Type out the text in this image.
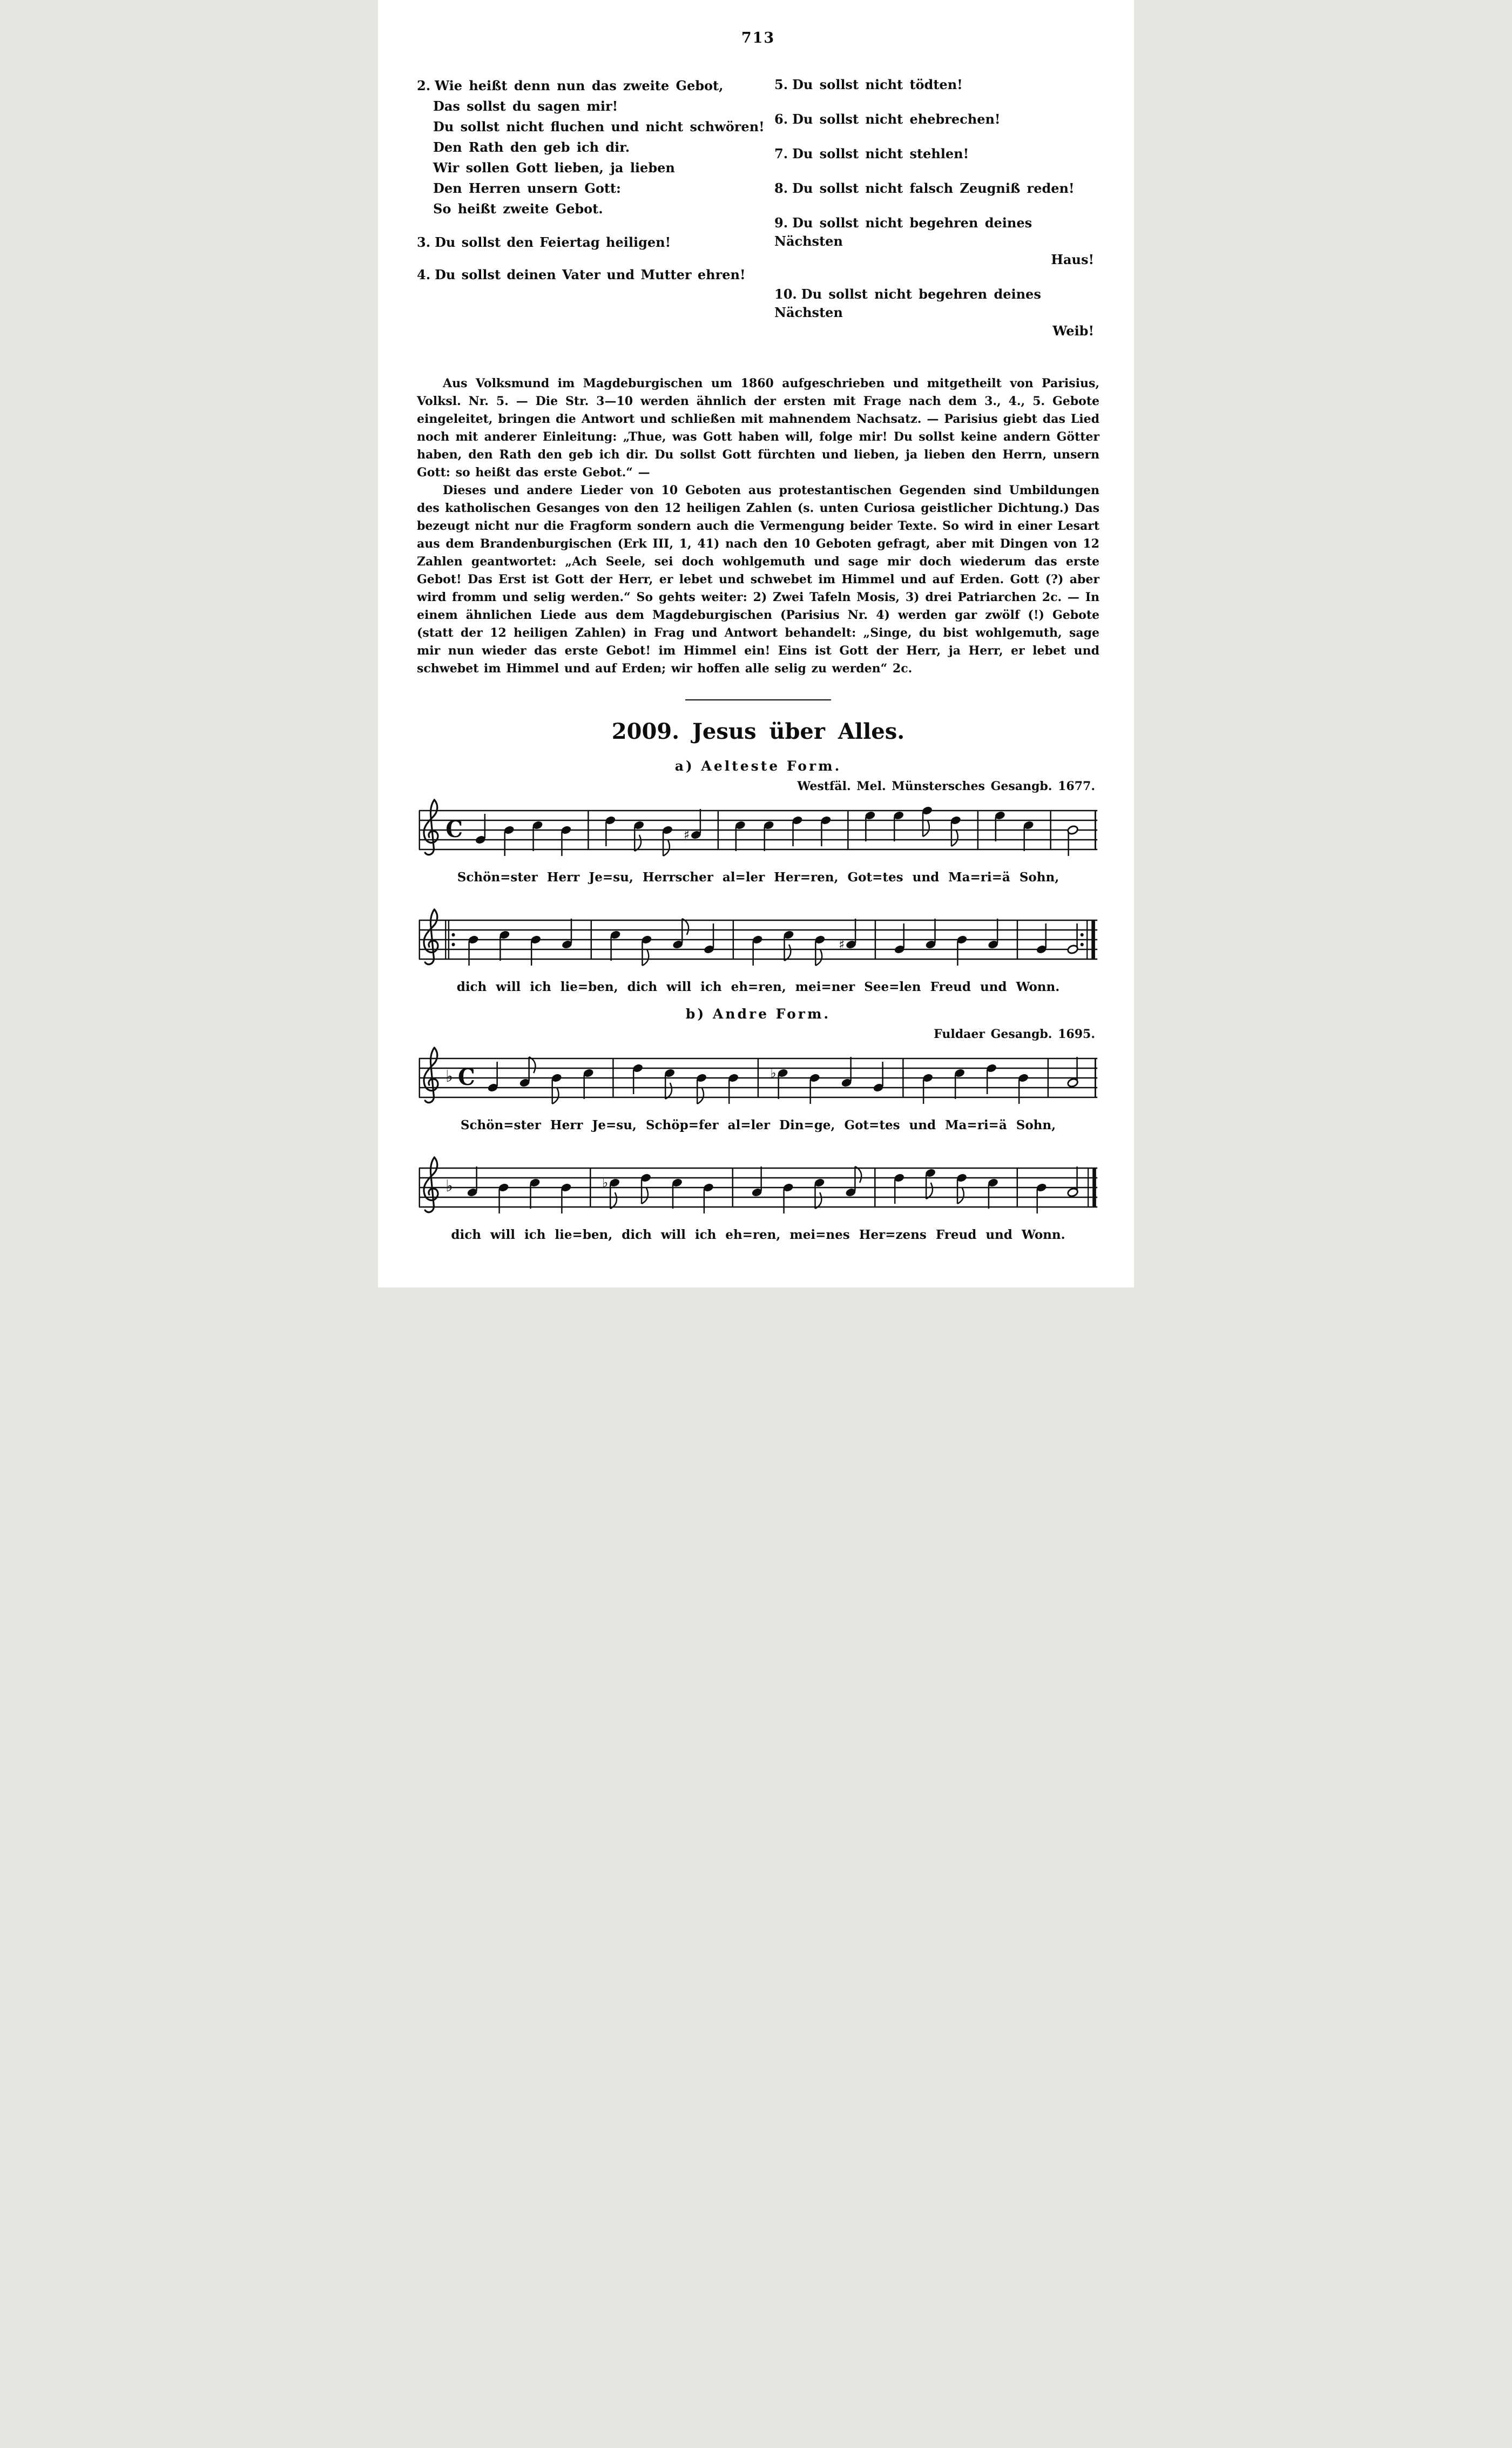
713
2. Wie heißt denn nun das zweite Gebot,
Das sollst du sagen mir!
Du sollst nicht fluchen und nicht schwören!
Den Rath den geb ich dir.
Wir sollen Gott lieben, ja lieben
Den Herren unsern Gott:
So heißt zweite Gebot.
3. Du sollst den Feiertag heiligen!
4. Du sollst deinen Vater und Mutter ehren!
5. Du sollst nicht tödten!
6. Du sollst nicht ehebrechen!
7. Du sollst nicht stehlen!
8. Du sollst nicht falsch Zeugniß reden!
9. Du sollst nicht begehren deines Nächsten
Haus!
10. Du sollst nicht begehren deines Nächsten
Weib!

Aus Volksmund im Magdeburgischen um 1860 aufgeschrieben und mitgetheilt von Parisius, Volksl. Nr. 5. — Die Str. 3—10 werden ähnlich der ersten mit Frage nach dem 3., 4., 5. Gebote eingeleitet, bringen die Antwort und schließen mit mahnendem Nachsatz. — Parisius giebt das Lied noch mit anderer Einleitung: „Thue, was Gott haben will, folge mir! Du sollst keine andern Götter haben, den Rath den geb ich dir. Du sollst Gott fürchten und lieben, ja lieben den Herrn, unsern Gott: so heißt das erste Gebot.“ —

Dieses und andere Lieder von 10 Geboten aus protestantischen Gegenden sind Umbildungen des katholischen Gesanges von den 12 heiligen Zahlen (s. unten Curiosa geistlicher Dichtung.) Das bezeugt nicht nur die Fragform sondern auch die Vermengung beider Texte. So wird in einer Lesart aus dem Brandenburgischen (Erk III, 1, 41) nach den 10 Geboten gefragt, aber mit Dingen von 12 Zahlen geantwortet: „Ach Seele, sei doch wohlgemuth und sage mir doch wiederum das erste Gebot! Das Erst ist Gott der Herr, er lebet und schwebet im Himmel und auf Erden. Gott (?) aber wird fromm und selig werden.“ So gehts weiter: 2) Zwei Tafeln Mosis, 3) drei Patriarchen 2c. — In einem ähnlichen Liede aus dem Magdeburgischen (Parisius Nr. 4) werden gar zwölf (!) Gebote (statt der 12 heiligen Zahlen) in Frag und Antwort behandelt: „Singe, du bist wohlgemuth, sage mir nun wieder das erste Gebot! im Himmel ein! Eins ist Gott der Herr, ja Herr, er lebet und schwebet im Himmel und auf Erden; wir hoffen alle selig zu werden“ 2c.

2009. Jesus über Alles.
a) Aelteste Form.
Westfäl. Mel. Münstersches Gesangb. 1677.
C	♯
Schön=ster Herr Je=su, Herrscher al=ler Her=ren, Got=tes und Ma=ri=ä Sohn,
♯
dich will ich lie=ben, dich will ich eh=ren, mei=ner See=len Freud und Wonn.
b) Andre Form.
Fuldaer Gesangb. 1695.
♭ C	♭
Schön=ster Herr Je=su, Schöp=fer al=ler Din=ge, Got=tes und Ma=ri=ä Sohn,
♭	♭
dich will ich lie=ben, dich will ich eh=ren, mei=nes Her=zens Freud und Wonn.
